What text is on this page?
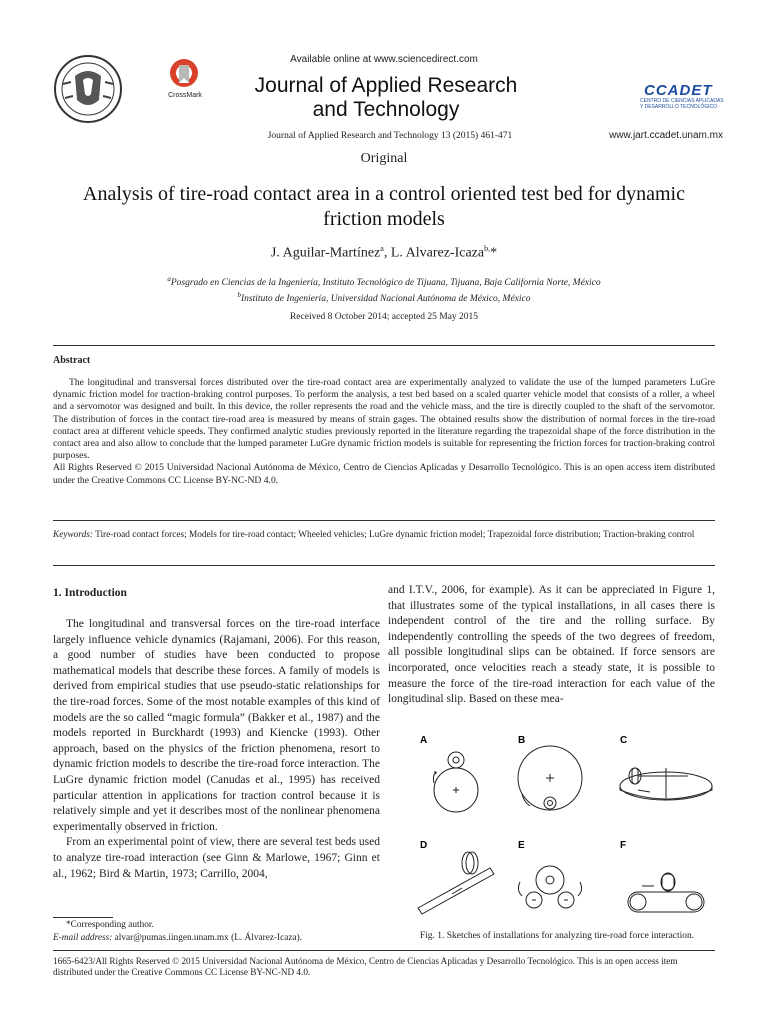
Available online at www.sciencedirect.com
CrossMark	Journal of Applied Research
and Technology
Journal of Applied Research and Technology 13 (2015) 461-471	www.jart.ccadet.unam.mx
CCADET
CENTRO DE CIENCIAS APLICADAS
Y DESARROLLO TECNOLÓGICO
Original
Analysis of tire-road contact area in a control oriented test bed for dynamic
friction models
J. Aguilar-Martínez$^a$, L. Alvarez-Icaza$^{b,}$*
$^a$Posgrado en Ciencias de la Ingeniería, Instituto Tecnológico de Tijuana, Tijuana, Baja California Norte, México
$^b$Instituto de Ingeniería, Universidad Nacional Autónoma de México, México
Received 8 October 2014; accepted 25 May 2015
Abstract

The longitudinal and transversal forces distributed over the tire-road contact area are experimentally analyzed to validate the use of the lumped parameters LuGre dynamic friction model for traction-braking control purposes. To perform the analysis, a test bed based on a scaled quarter vehicle model that consists of a roller, a wheel and a servomotor was designed and built. In this device, the roller represents the road and the vehicle mass, and the tire is directly coupled to the shaft of the servomotor. The distribution of forces in the contact tire-road area is measured by means of strain gages. The obtained results show the distribution of normal forces in the tire-road contact area at different vehicle speeds. They confirmed analytic studies previously reported in the literature regarding the trapezoidal shape of the force distribution in the contact area and also allow to conclude that the lumped parameter LuGre dynamic friction models is suitable for representing the friction forces for traction-braking control purposes.

All Rights Reserved © 2015 Universidad Nacional Autónoma de México, Centro de Ciencias Aplicadas y Desarrollo Tecnológico. This is an open access item distributed under the Creative Commons CC License BY-NC-ND 4.0.

Keywords: Tire-road contact forces; Models for tire-road contact; Wheeled vehicles; LuGre dynamic friction model; Trapezoidal force distribution; Traction-braking control
1. Introduction

The longitudinal and transversal forces on the tire-road interface largely influence vehicle dynamics (Rajamani, 2006). For this reason, a good number of studies have been conducted to propose mathematical models that describe these forces. A family of models is derived from empirical studies that use pseudo-static relationships for the tire-road forces. Some of the most notable examples of this kind of models are the so called “magic formula” (Bakker et al., 1987) and the models reported in Burckhardt (1993) and Kiencke (1993). Other approach, based on the physics of the friction phenomena, resort to dynamic friction models to describe the tire-road force interaction. The LuGre dynamic friction model (Canudas et al., 1995) has received particular attention in applications for traction control because it is relatively simple and yet it describes most of the nonlinear phenomena experimentally observed in friction.

From an experimental point of view, there are several test beds used to analyze tire-road interaction (see Ginn & Marlowe, 1967; Ginn et al., 1962; Bird & Martin, 1973; Carrillo, 2004,

and I.T.V., 2006, for example). As it can be appreciated in Figure 1, that illustrates some of the typical installations, in all cases there is independent control of the tire and the rolling surface. By independently controlling the speeds of the two degrees of freedom, all possible longitudinal slips can be obtained. If force sensors are incorporated, once velocities reach a steady state, it is possible to measure the force of the tire-road interaction for each value of the longitudinal slip. Based on these mea-

A	B	C
D	E	F
Fig. 1. Sketches of installations for analyzing tire-road force interaction.
*Corresponding author.
E-mail address: alvar@pumas.iingen.unam.mx (L. Álvarez-Icaza).
1665-6423/All Rights Reserved © 2015 Universidad Nacional Autónoma de México, Centro de Ciencias Aplicadas y Desarrollo Tecnológico. This is an open access item distributed under the Creative Commons CC License BY-NC-ND 4.0.
